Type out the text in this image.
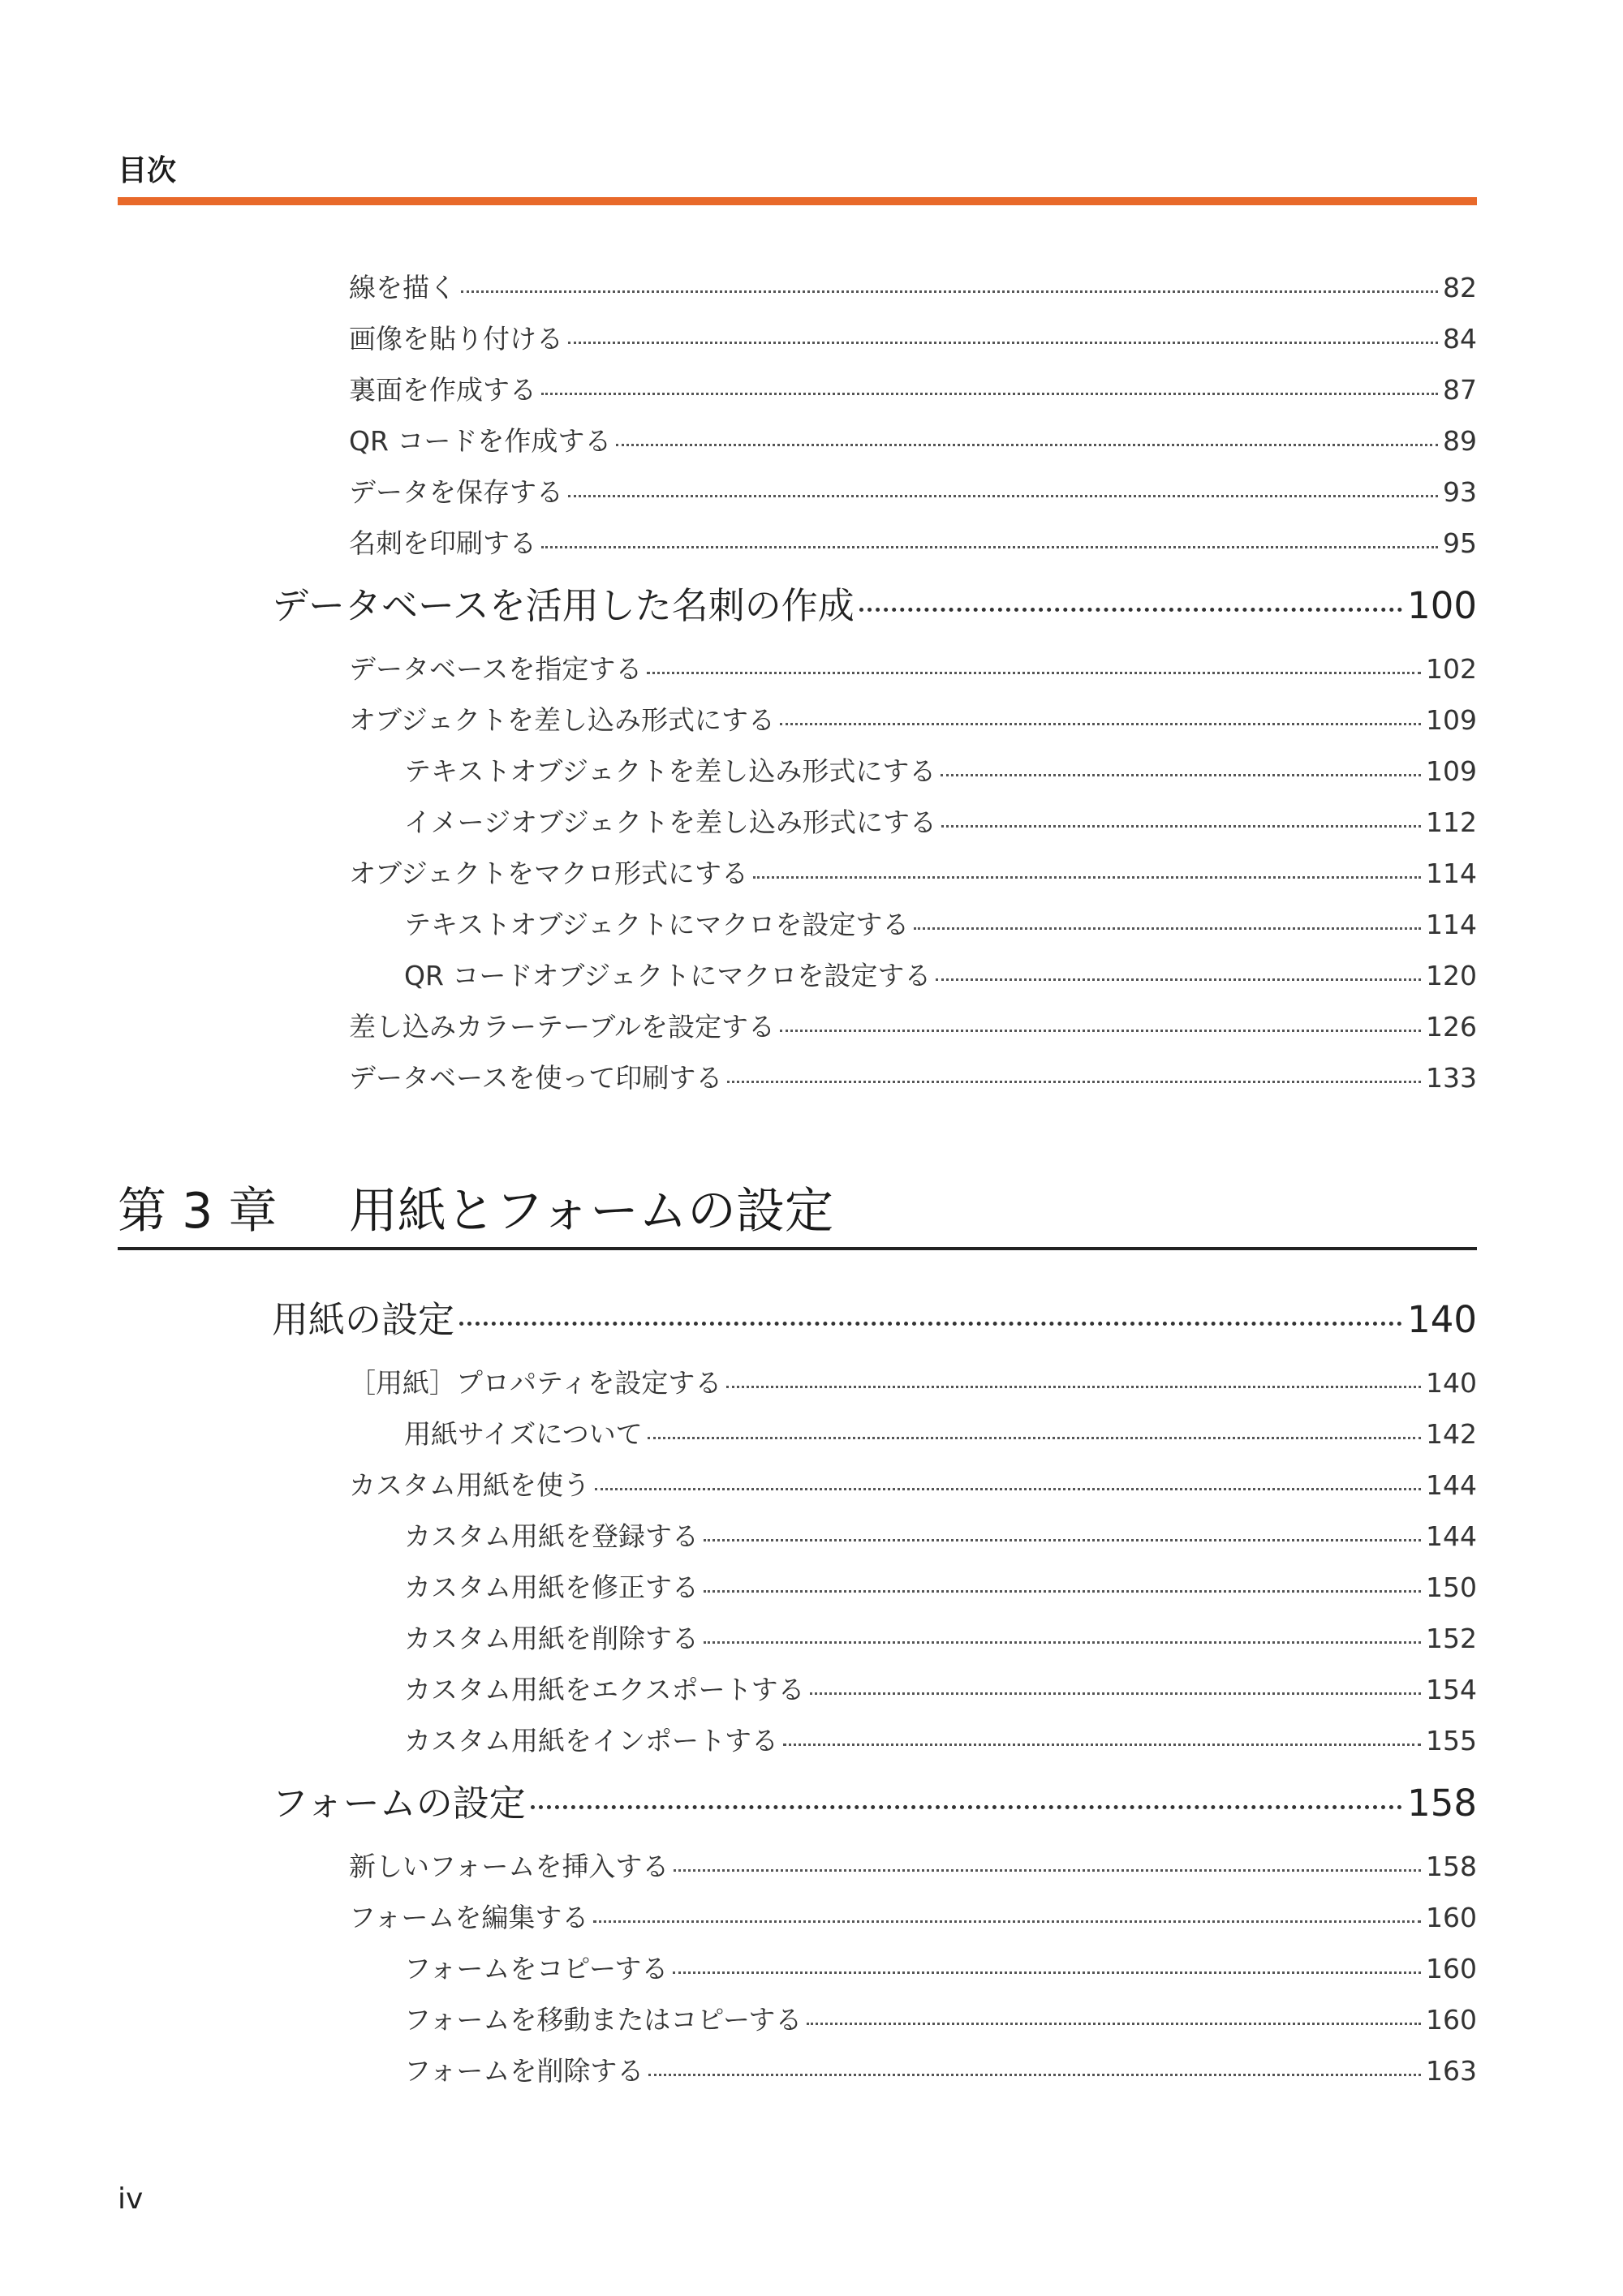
目次
線を描く	82
画像を貼り付ける	84
裏面を作成する	87
QR コードを作成する	89
データを保存する	93
名刺を印刷する	95
データベースを活用した名刺の作成	100
データベースを指定する	102
オブジェクトを差し込み形式にする	109
テキストオブジェクトを差し込み形式にする	109
イメージオブジェクトを差し込み形式にする	112
オブジェクトをマクロ形式にする	114
テキストオブジェクトにマクロを設定する	114
QR コードオブジェクトにマクロを設定する	120
差し込みカラーテーブルを設定する	126
データベースを使って印刷する	133
第 3 章 用紙とフォームの設定
用紙の設定	140
［用紙］プロパティを設定する	140
用紙サイズについて	142
カスタム用紙を使う	144
カスタム用紙を登録する	144
カスタム用紙を修正する	150
カスタム用紙を削除する	152
カスタム用紙をエクスポートする	154
カスタム用紙をインポートする	155
フォームの設定	158
新しいフォームを挿入する	158
フォームを編集する	160
フォームをコピーする	160
フォームを移動またはコピーする	160
フォームを削除する	163
iv
